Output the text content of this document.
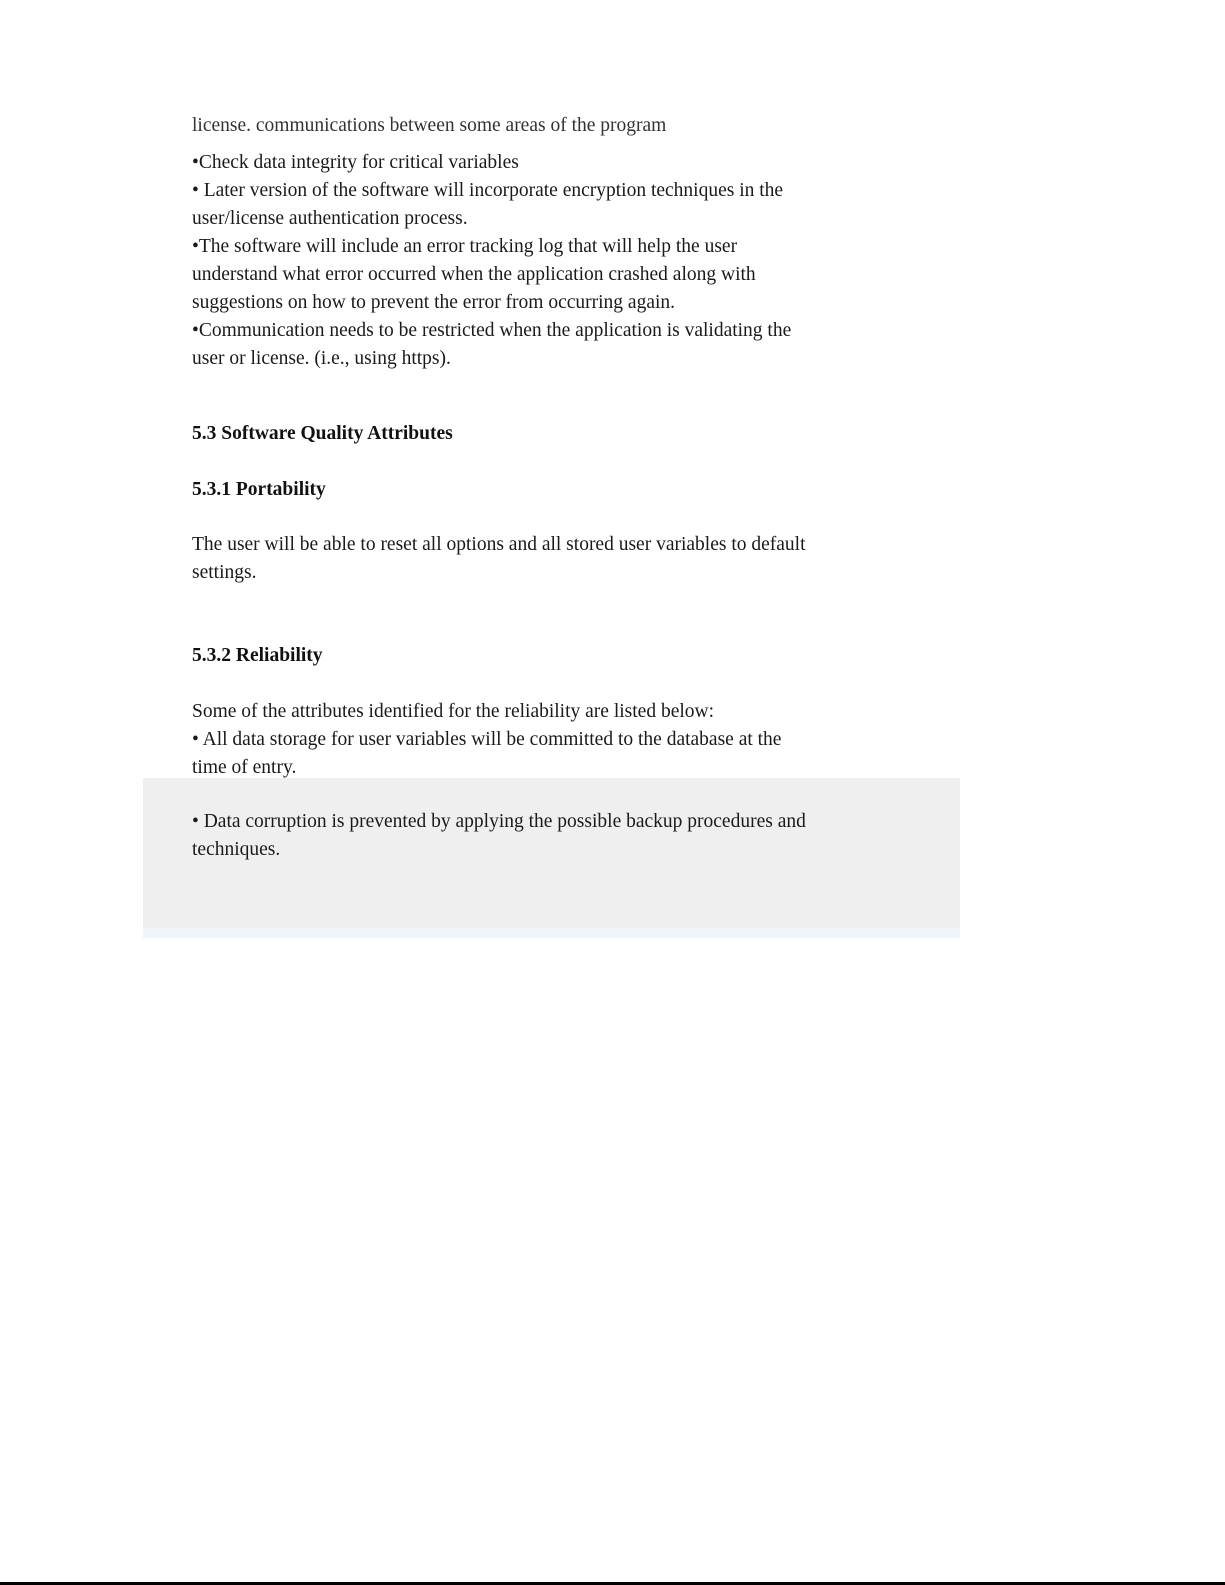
license. communications between some areas of the program
•Check data integrity for critical variables
• Later version of the software will incorporate encryption techniques in the
user/license authentication process.
•The software will include an error tracking log that will help the user
understand what error occurred when the application crashed along with
suggestions on how to prevent the error from occurring again.
•Communication needs to be restricted when the application is validating the
user or license. (i.e., using https).
5.3 Software Quality Attributes
5.3.1 Portability
The user will be able to reset all options and all stored user variables to default
settings.
5.3.2 Reliability
Some of the attributes identified for the reliability are listed below:
• All data storage for user variables will be committed to the database at the
time of entry.
• Data corruption is prevented by applying the possible backup procedures and
techniques.
